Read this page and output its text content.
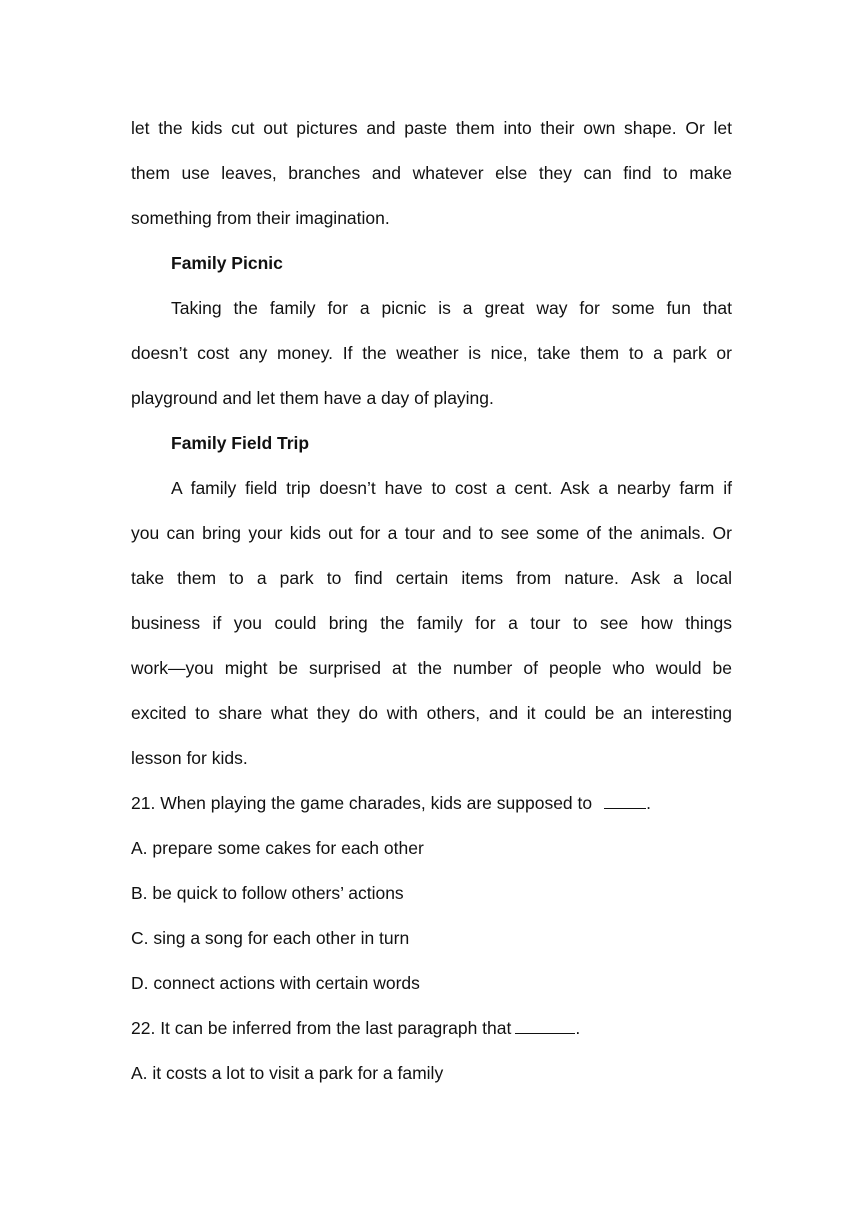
let the kids cut out pictures and paste them into their own shape. Or let
them use leaves, branches and whatever else they can find to make
something from their imagination.
Family Picnic
Taking the family for a picnic is a great way for some fun that
doesn’t cost any money. If the weather is nice, take them to a park or
playground and let them have a day of playing.
Family Field Trip
A family field trip doesn’t have to cost a cent. Ask a nearby farm if
you can bring your kids out for a tour and to see some of the animals. Or
take them to a park to find certain items from nature. Ask a local
business if you could bring the family for a tour to see how things
work—you might be surprised at the number of people who would be
excited to share what they do with others, and it could be an interesting
lesson for kids.
21. When playing the game charades, kids are supposed to	.
A. prepare some cakes for each other
B. be quick to follow others’ actions
C. sing a song for each other in turn
D. connect actions with certain words
22. It can be inferred from the last paragraph that	.
A. it costs a lot to visit a park for a family
